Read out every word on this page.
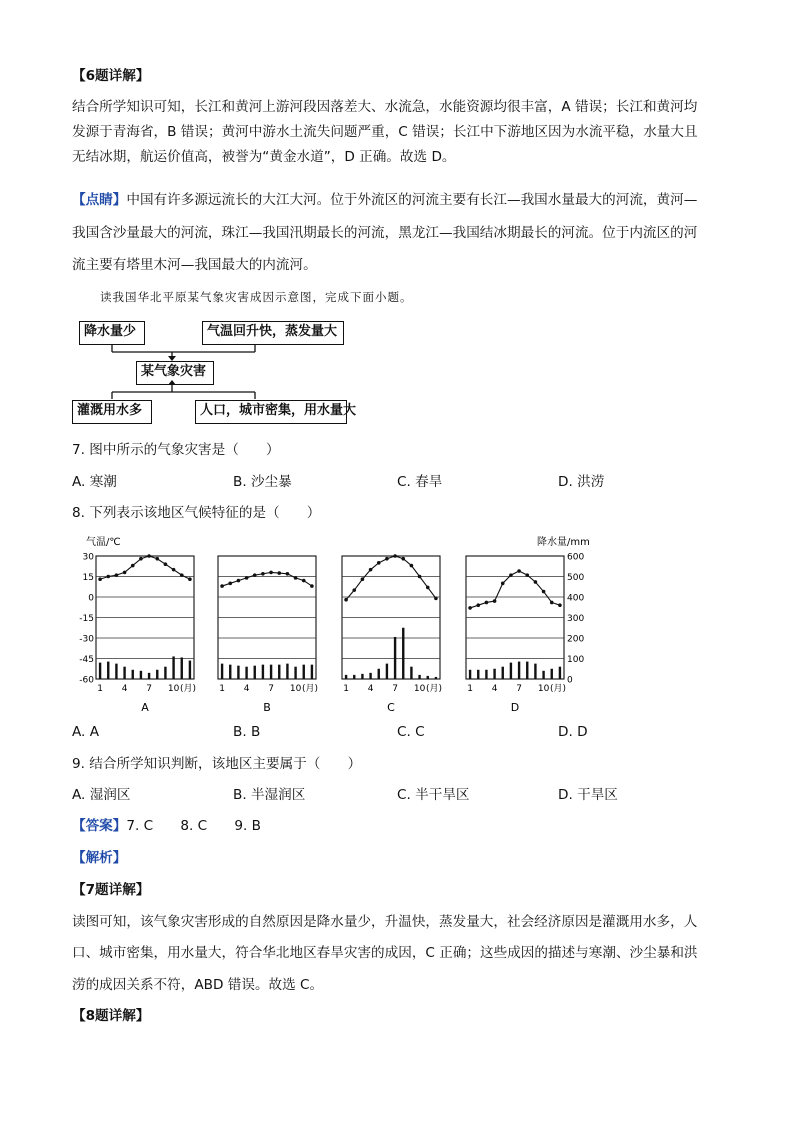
【6题详解】
结合所学知识可知，长江和黄河上游河段因落差大、水流急，水能资源均很丰富，A 错误；长江和黄河均
发源于青海省，B 错误；黄河中游水土流失问题严重，C 错误；长江中下游地区因为水流平稳，水量大且
无结冰期，航运价值高，被誉为“黄金水道”，D 正确。故选 D。
【点睛】中国有许多源远流长的大江大河。位于外流区的河流主要有长江—我国水量最大的河流，黄河—
我国含沙量最大的河流，珠江—我国汛期最长的河流，黑龙江—我国结冰期最长的河流。位于内流区的河
流主要有塔里木河—我国最大的内流河。
读我国华北平原某气象灾害成因示意图，完成下面小题。
降水量少	气温回升快，蒸发量大
某气象灾害
灌溉用水多	人口，城市密集，用水量大
7. 图中所示的气象灾害是（　　）
A. 寒潮	B. 沙尘暴	C. 春旱	D. 洪涝
8. 下列表示该地区气候特征的是（　　）
气温/℃	降水量/mm
30
15
0
-15
-30
-45
-60
600
500
400
300
200
100
0
1 4 7 10 (月)
A
1 4 7 10 (月)
B
1 4 7 10 (月)
C
1 4 7 10 (月)
D
A. A	B. B	C. C	D. D
9. 结合所学知识判断，该地区主要属于（　　）
A. 湿润区	B. 半湿润区	C. 半干旱区	D. 干旱区
【答案】7. C　　8. C　　9. B
【解析】
【7题详解】
读图可知，该气象灾害形成的自然原因是降水量少，升温快，蒸发量大，社会经济原因是灌溉用水多，人
口、城市密集，用水量大，符合华北地区春旱灾害的成因，C 正确；这些成因的描述与寒潮、沙尘暴和洪
涝的成因关系不符，ABD 错误。故选 C。
【8题详解】
